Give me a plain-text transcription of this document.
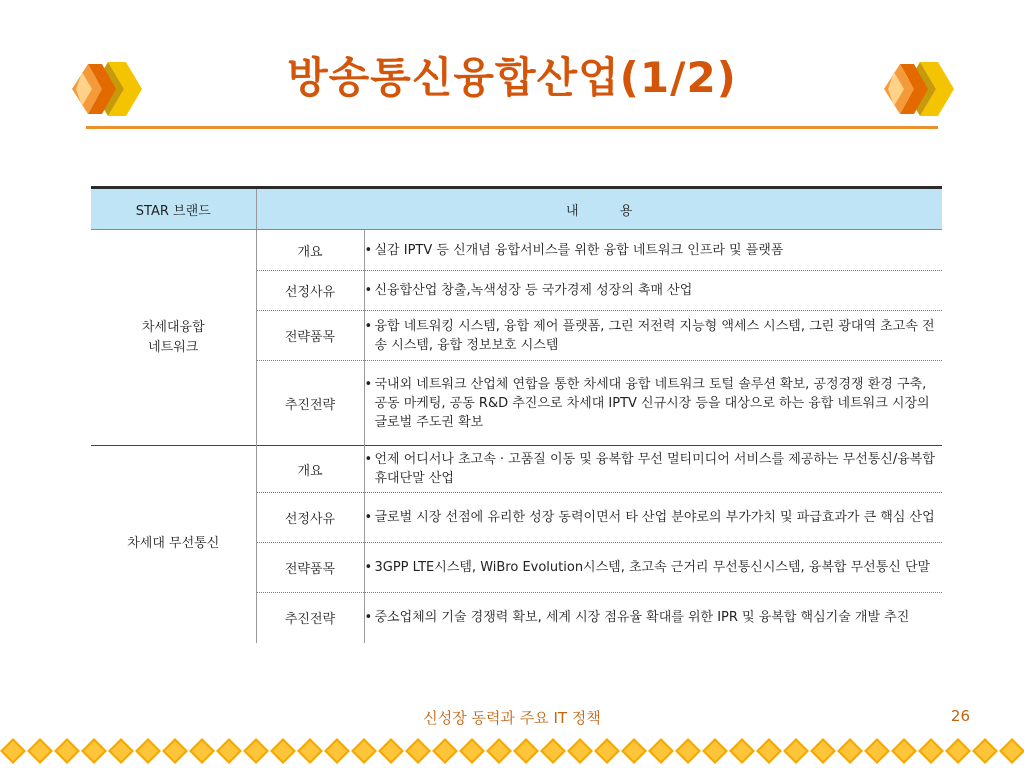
방송통신융합산업(1/2)
STAR 브랜드	내          용	
차세대융합
네트워크	개요	• 실감 IPTV 등 신개념 융합서비스를 위한 융합 네트워크 인프라 및 플랫폼

	선정사유	• 신융합산업 창출,녹색성장 등 국가경제 성장의 촉매 산업

	전략품목	• 융합 네트워킹 시스템, 융합 제어 플랫폼, 그린 저전력 지능형 액세스 시스템, 그린 광대역 초고속 전송 시스템, 융합 정보보호 시스템

	추진전략	• 국내외 네트워크 산업체 연합을 통한 차세대 융합 네트워크 토털 솔루션 확보, 공정경쟁 환경 구축, 공동 마케팅, 공동 R&D 추진으로 차세대 IPTV 신규시장 등을 대상으로 하는 융합 네트워크 시장의 글로벌 주도권 확보

차세대 무선통신	개요	• 언제 어디서나 초고속 · 고품질 이동 및 융복합 무선 멀티미디어 서비스를 제공하는 무선통신/융복합 휴대단말 산업

	선정사유	• 글로벌 시장 선점에 유리한 성장 동력이면서 타 산업 분야로의 부가가치 및 파급효과가 큰 핵심 산업

	전략품목	• 3GPP LTE시스템, WiBro Evolution시스템, 초고속 근거리 무선통신시스템, 융복합 무선통신 단말

	추진전략	• 중소업체의 기술 경쟁력 확보, 세계 시장 점유율 확대를 위한 IPR 및 융복합 핵심기술 개발 추진
신성장 동력과 주요 IT 정책	26
